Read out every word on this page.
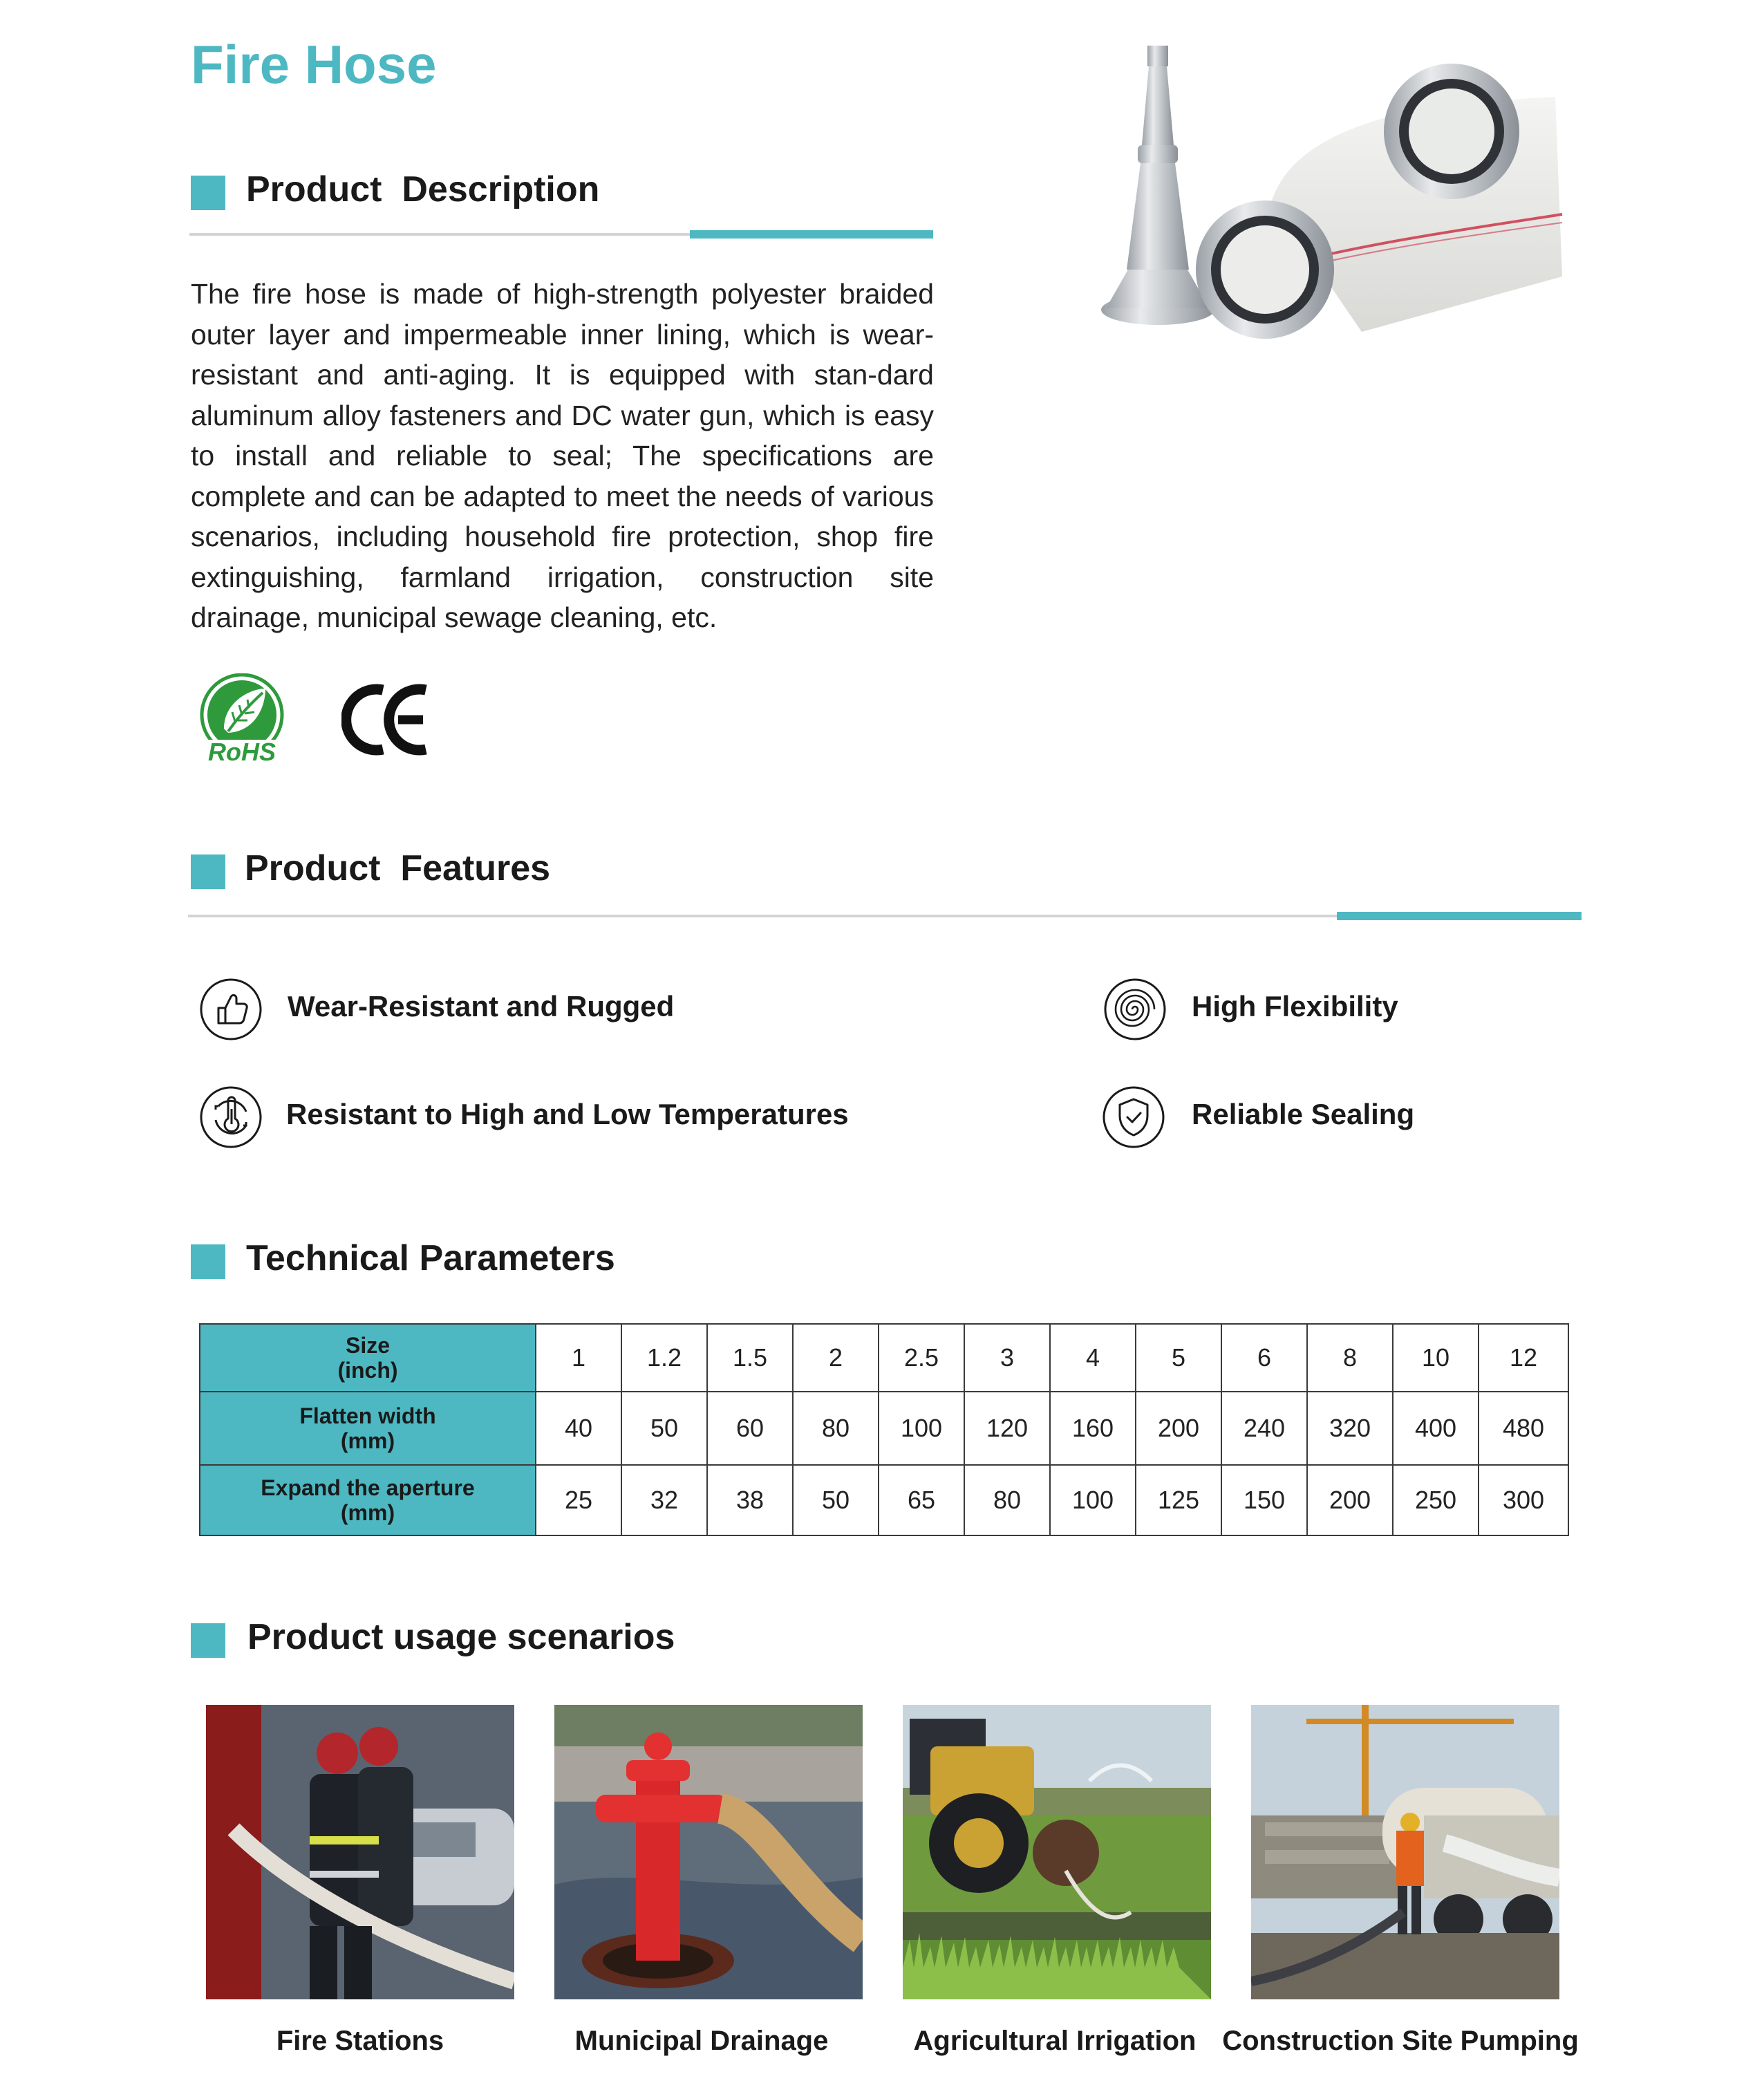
Fire Hose
Product  Description

The fire hose is made of high-strength polyester braided outer layer and impermeable inner lining, which is wear-resistant and anti-aging. It is equipped with stan-dard aluminum alloy fasteners and DC water gun, which is easy to install and reliable to seal; The specifications are complete and can be adapted to meet the needs of various scenarios, including household fire protection, shop fire extinguishing, farmland irrigation, construction site drainage, municipal sewage cleaning, etc.

RoHS
Product  Features
Wear-Resistant and Rugged	High Flexibility
Resistant to High and Low Temperatures	Reliable Sealing
Technical Parameters
Size
(inch)	1	1.2	1.5	2	2.5	3	4	5	6	8	10	12
Flatten width
(mm)	40	50	60	80	100	120	160	200	240	320	400	480
Expand the aperture
(mm)	25	32	38	50	65	80	100	125	150	200	250	300
Product usage scenarios
Fire Stations	Municipal Drainage	Agricultural Irrigation Construction Site Pumping
